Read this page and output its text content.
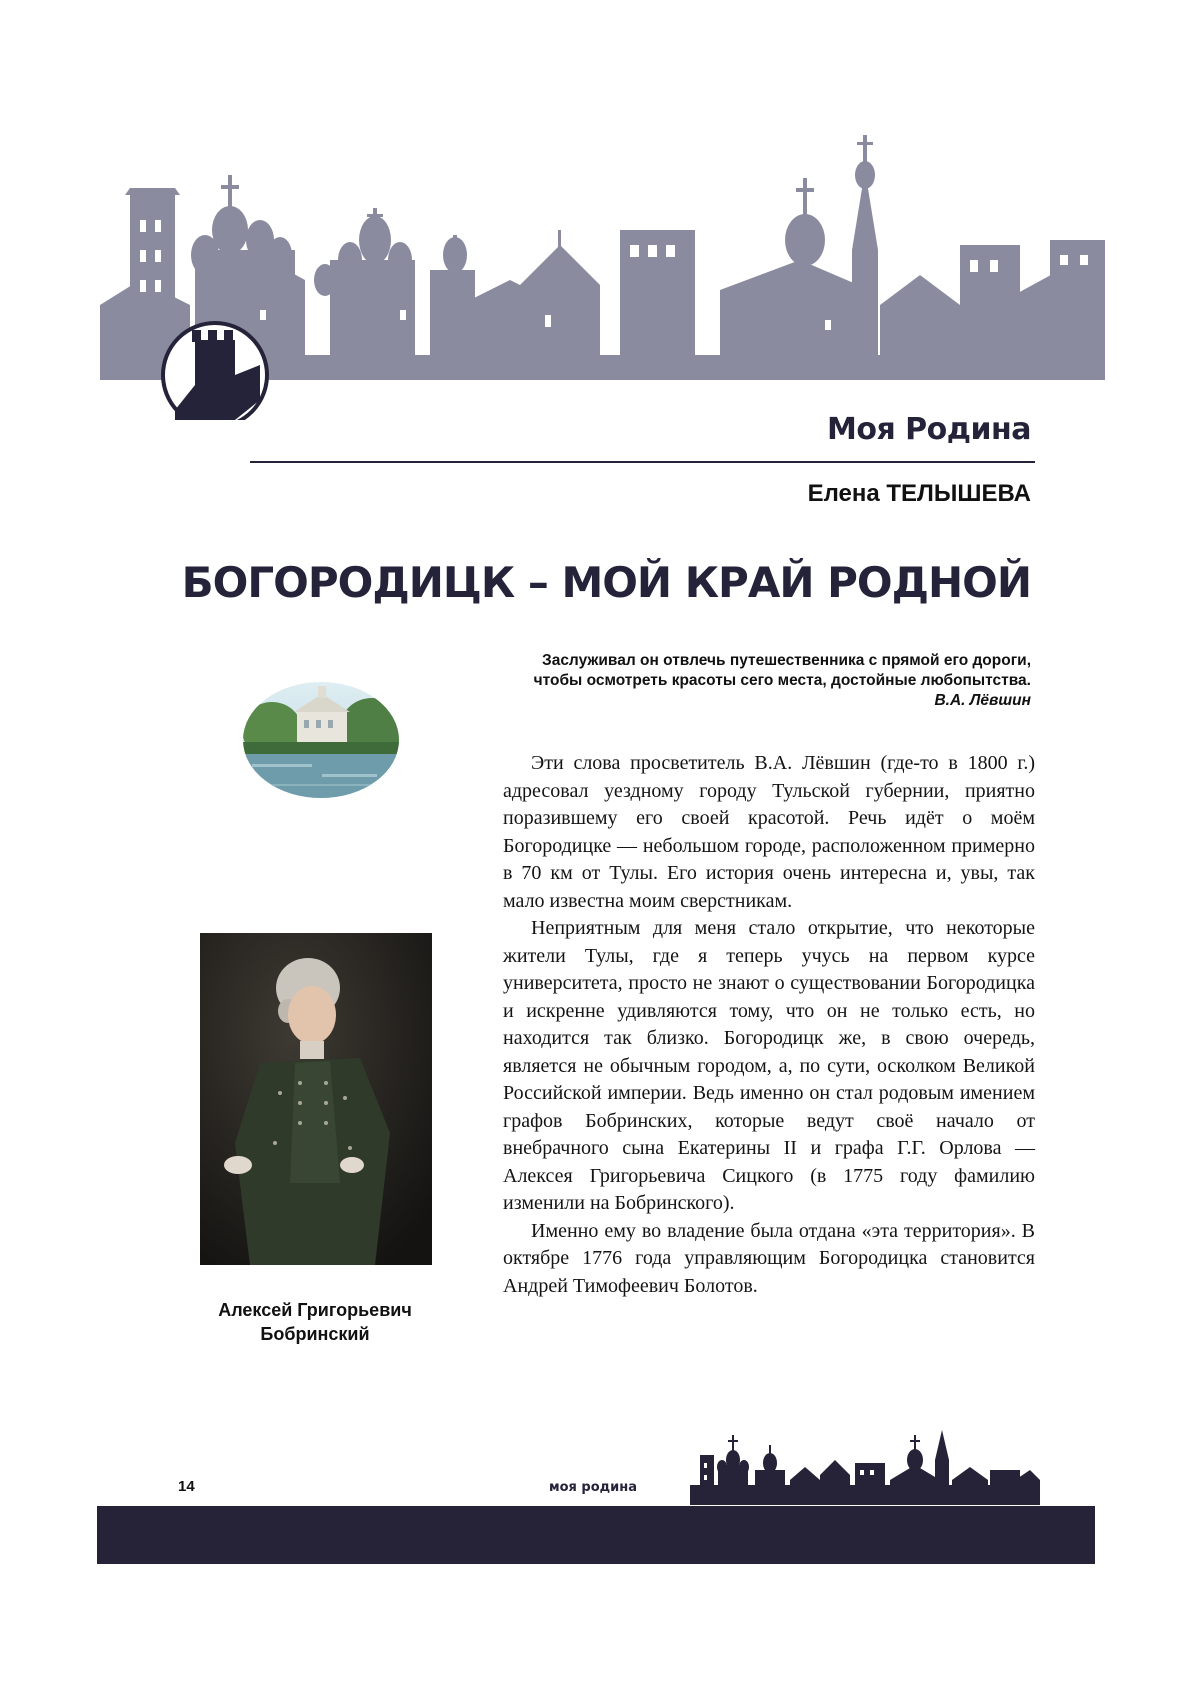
Моя Родина
Елена ТЕЛЫШЕВА
БОГОРОДИЦК – МОЙ КРАЙ РОДНОЙ
Заслуживал он отвлечь путешественника с прямой его дороги,
чтобы осмотреть красоты сего места, достойные любопытства.
В.А. Лёвшин
Алексей Григорьевич Бобринский

Эти слова просветитель В.А. Лёвшин (где-то в 1800 г.) адресовал уездному городу Тульской губернии, приятно поразившему его своей красотой. Речь идёт о моём Богородицке — небольшом городе, расположенном примерно в 70 км от Тулы. Его история очень интересна и, увы, так мало известна моим сверстникам.

Неприятным для меня стало открытие, что некоторые жители Тулы, где я теперь учусь на первом курсе университета, просто не знают о существовании Богородицка и искренне удивляются тому, что он не только есть, но находится так близко. Богородицк же, в свою очередь, является не обычным городом, а, по сути, осколком Великой Российской империи. Ведь именно он стал родовым имением графов Бобринских, которые ведут своё начало от внебрачного сына Екатерины II и графа Г.Г. Орлова — Алексея Григорьевича Сицкого (в 1775 году фамилию изменили на Бобринского).

Именно ему во владение была отдана «эта территория». В октябре 1776 года управляющим Богородицка становится Андрей Тимофеевич Болотов.

14	моя родина
